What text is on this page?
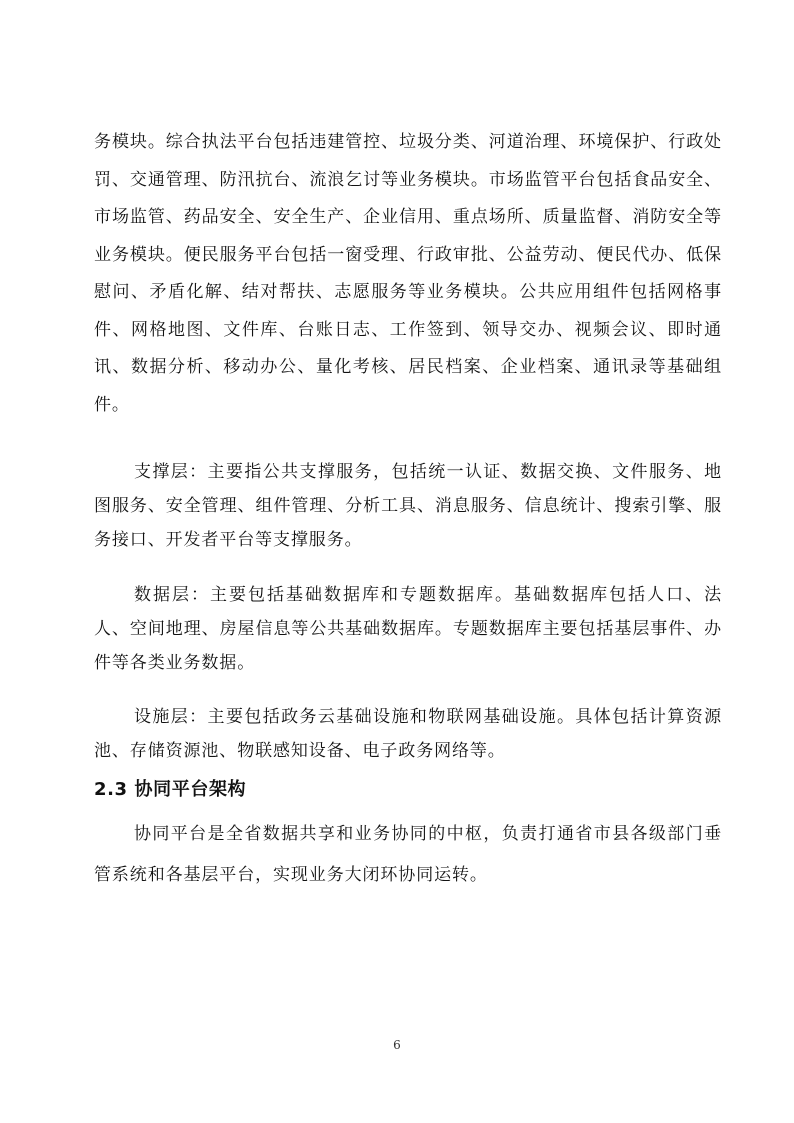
务模块。综合执法平台包括违建管控、垃圾分类、河道治理、环境保护、行政处罚、交通管理、防汛抗台、流浪乞讨等业务模块。市场监管平台包括食品安全、市场监管、药品安全、安全生产、企业信用、重点场所、质量监督、消防安全等业务模块。便民服务平台包括一窗受理、行政审批、公益劳动、便民代办、低保慰问、矛盾化解、结对帮扶、志愿服务等业务模块。公共应用组件包括网格事件、网格地图、文件库、台账日志、工作签到、领导交办、视频会议、即时通讯、数据分析、移动办公、量化考核、居民档案、企业档案、通讯录等基础组件。

支撑层：主要指公共支撑服务，包括统一认证、数据交换、文件服务、地图服务、安全管理、组件管理、分析工具、消息服务、信息统计、搜索引擎、服务接口、开发者平台等支撑服务。

数据层：主要包括基础数据库和专题数据库。基础数据库包括人口、法人、空间地理、房屋信息等公共基础数据库。专题数据库主要包括基层事件、办件等各类业务数据。

设施层：主要包括政务云基础设施和物联网基础设施。具体包括计算资源池、存储资源池、物联感知设备、电子政务网络等。

2.3 协同平台架构

协同平台是全省数据共享和业务协同的中枢，负责打通省市县各级部门垂管系统和各基层平台，实现业务大闭环协同运转。

6
